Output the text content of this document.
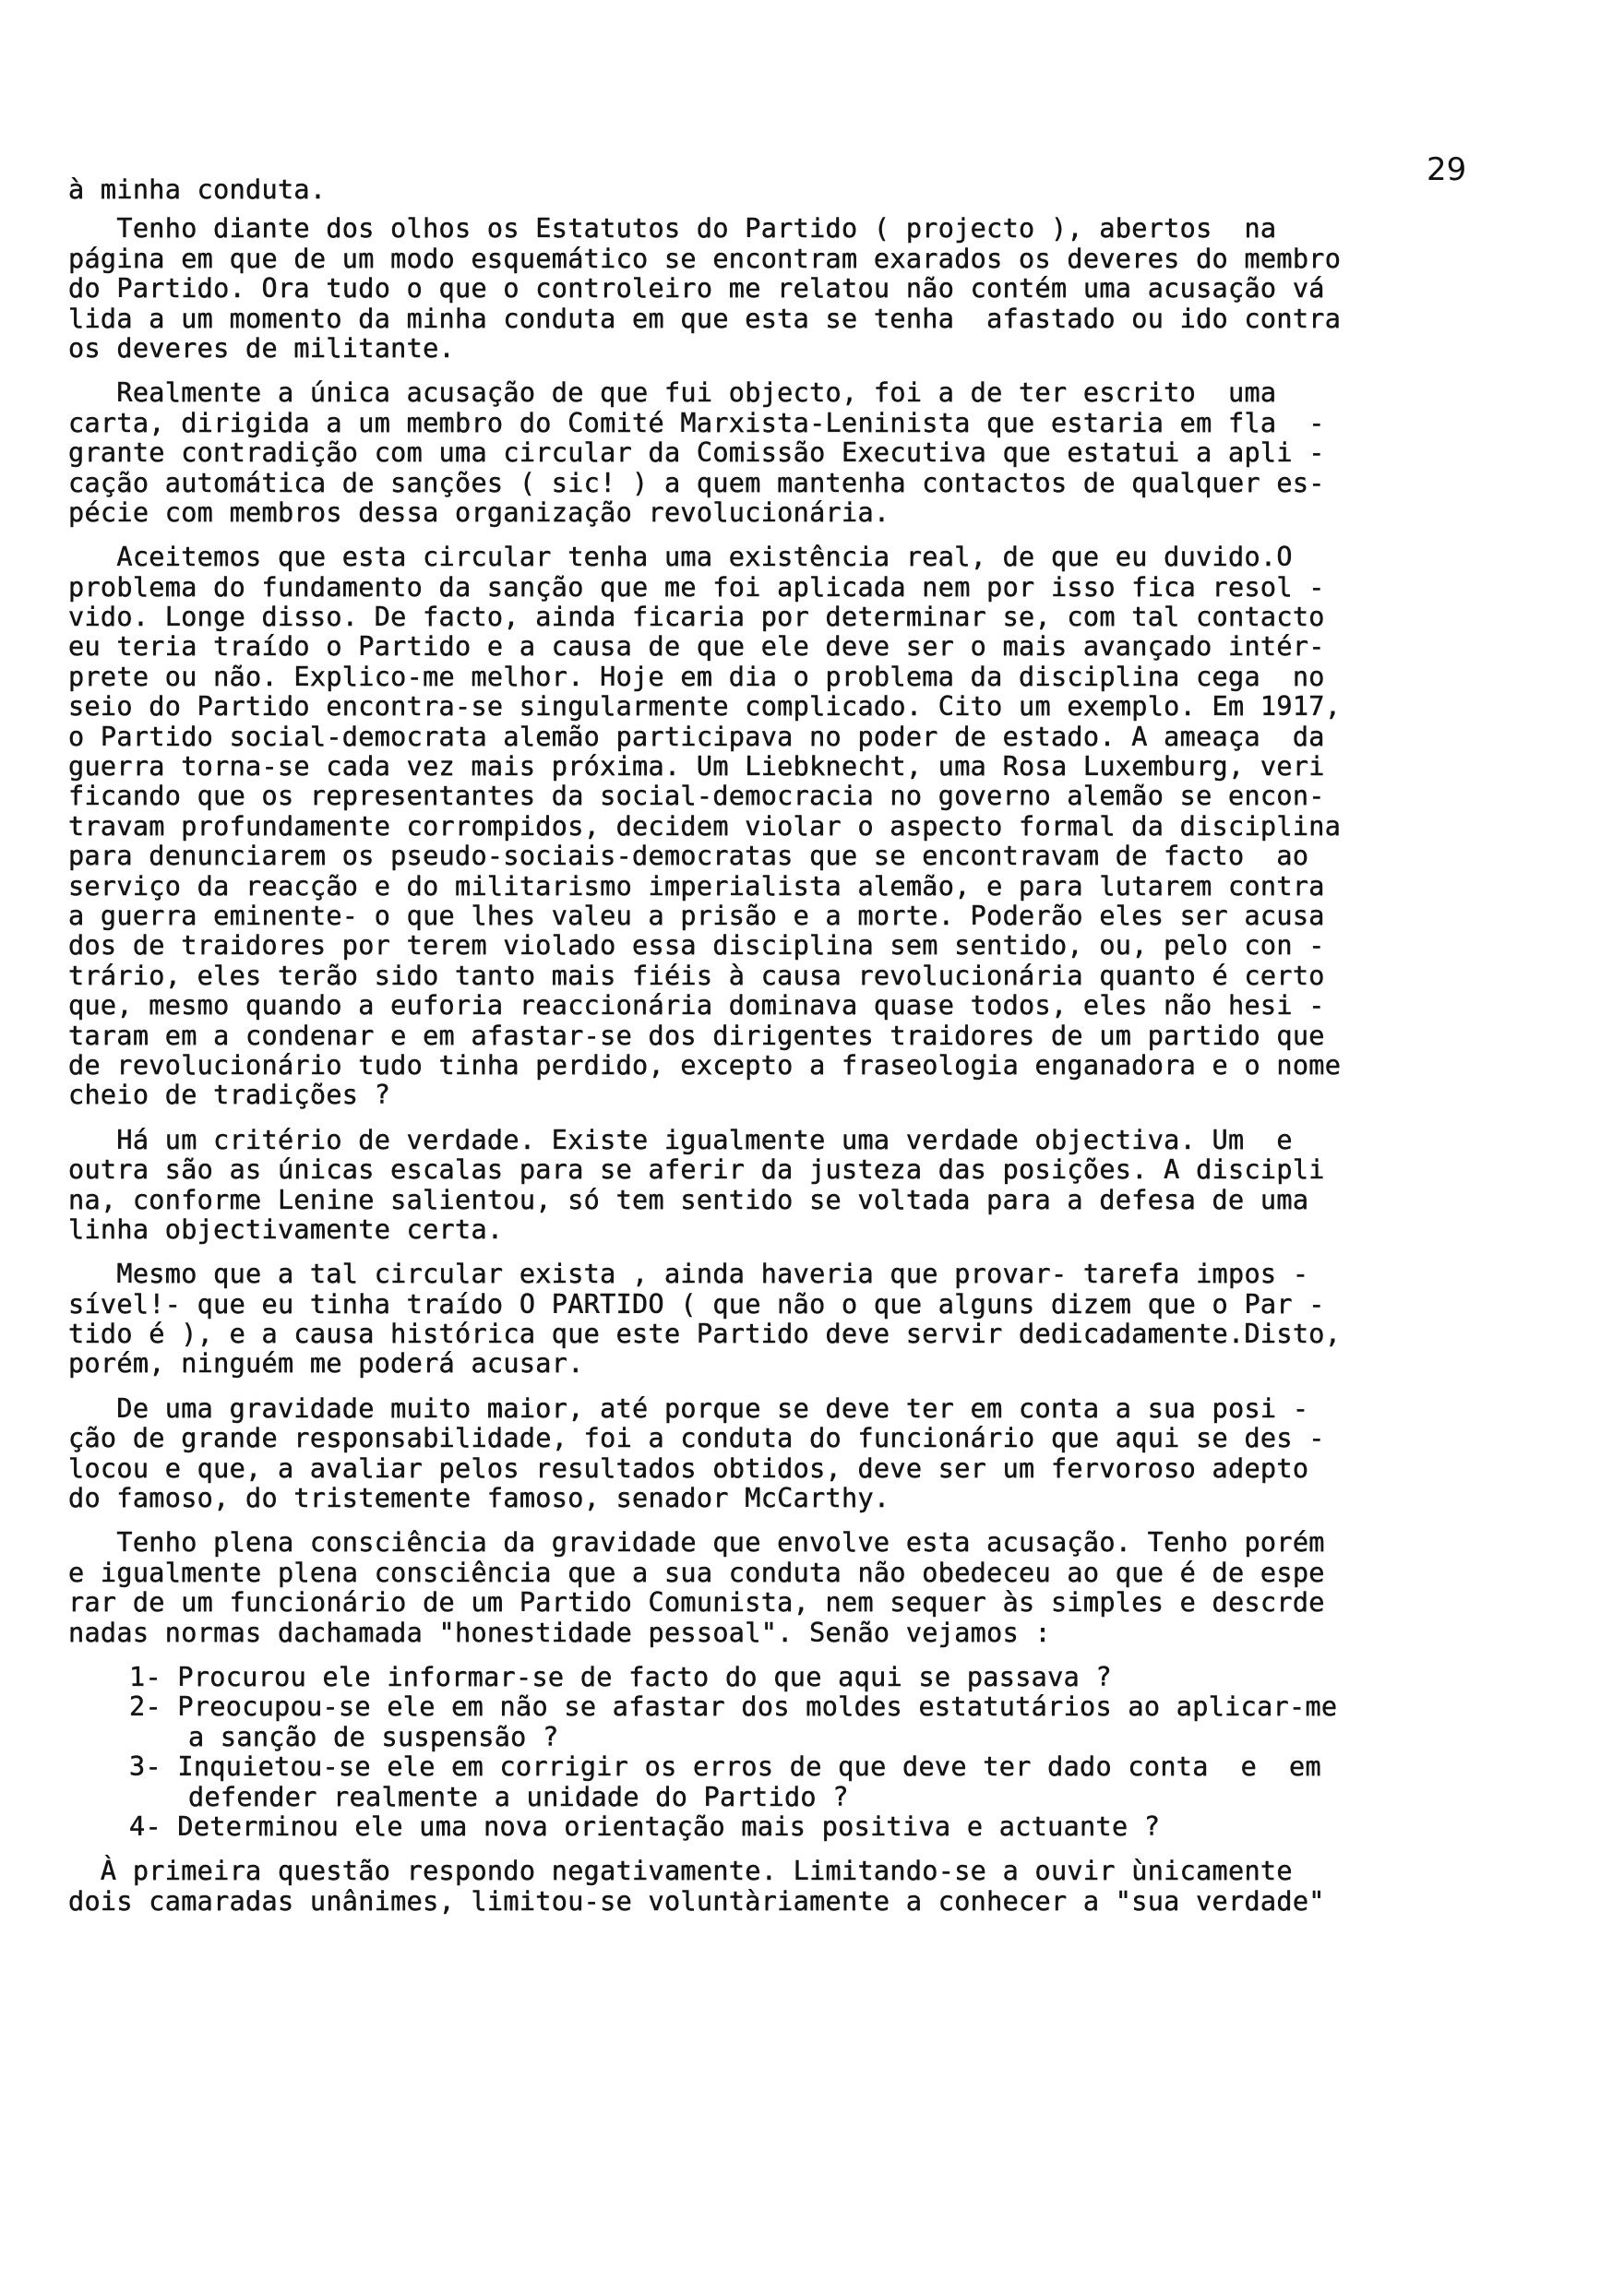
29
à minha conduta.
Tenho diante dos olhos os Estatutos do Partido ( projecto ), abertos  na
página em que de um modo esquemático se encontram exarados os deveres do membro
do Partido. Ora tudo o que o controleiro me relatou não contém uma acusação vá
lida a um momento da minha conduta em que esta se tenha  afastado ou ido contra
os deveres de militante.
Realmente a única acusação de que fui objecto, foi a de ter escrito  uma
carta, dirigida a um membro do Comité Marxista-Leninista que estaria em fla  -
grante contradição com uma circular da Comissão Executiva que estatui a apli -
cação automática de sanções ( sic! ) a quem mantenha contactos de qualquer es-
pécie com membros dessa organização revolucionária.
Aceitemos que esta circular tenha uma existência real, de que eu duvido.O
problema do fundamento da sanção que me foi aplicada nem por isso fica resol -
vido. Longe disso. De facto, ainda ficaria por determinar se, com tal contacto
eu teria traído o Partido e a causa de que ele deve ser o mais avançado intér-
prete ou não. Explico-me melhor. Hoje em dia o problema da disciplina cega  no
seio do Partido encontra-se singularmente complicado. Cito um exemplo. Em 1917,
o Partido social-democrata alemão participava no poder de estado. A ameaça  da
guerra torna-se cada vez mais próxima. Um Liebknecht, uma Rosa Luxemburg, veri
ficando que os representantes da social-democracia no governo alemão se encon-
travam profundamente corrompidos, decidem violar o aspecto formal da disciplina
para denunciarem os pseudo-sociais-democratas que se encontravam de facto  ao
serviço da reacção e do militarismo imperialista alemão, e para lutarem contra
a guerra eminente- o que lhes valeu a prisão e a morte. Poderão eles ser acusa
dos de traidores por terem violado essa disciplina sem sentido, ou, pelo con -
trário, eles terão sido tanto mais fiéis à causa revolucionária quanto é certo
que, mesmo quando a euforia reaccionária dominava quase todos, eles não hesi -
taram em a condenar e em afastar-se dos dirigentes traidores de um partido que
de revolucionário tudo tinha perdido, excepto a fraseologia enganadora e o nome
cheio de tradições ?
Há um critério de verdade. Existe igualmente uma verdade objectiva. Um  e
outra são as únicas escalas para se aferir da justeza das posições. A discipli
na, conforme Lenine salientou, só tem sentido se voltada para a defesa de uma
linha objectivamente certa.
Mesmo que a tal circular exista , ainda haveria que provar- tarefa impos -
sível!- que eu tinha traído O PARTIDO ( que não o que alguns dizem que o Par -
tido é ), e a causa histórica que este Partido deve servir dedicadamente.Disto,
porém, ninguém me poderá acusar.
De uma gravidade muito maior, até porque se deve ter em conta a sua posi -
ção de grande responsabilidade, foi a conduta do funcionário que aqui se des -
locou e que, a avaliar pelos resultados obtidos, deve ser um fervoroso adepto
do famoso, do tristemente famoso, senador McCarthy.
Tenho plena consciência da gravidade que envolve esta acusação. Tenho porém
e igualmente plena consciência que a sua conduta não obedeceu ao que é de espe
rar de um funcionário de um Partido Comunista, nem sequer às simples e descrde
nadas normas dachamada "honestidade pessoal". Senão vejamos :
1- Procurou ele informar-se de facto do que aqui se passava ?
2- Preocupou-se ele em não se afastar dos moldes estatutários ao aplicar-me
a sanção de suspensão ?
3- Inquietou-se ele em corrigir os erros de que deve ter dado conta  e  em
defender realmente a unidade do Partido ?
4- Determinou ele uma nova orientação mais positiva e actuante ?
À primeira questão respondo negativamente. Limitando-se a ouvir ùnicamente
dois camaradas unânimes, limitou-se voluntàriamente a conhecer a "sua verdade"
